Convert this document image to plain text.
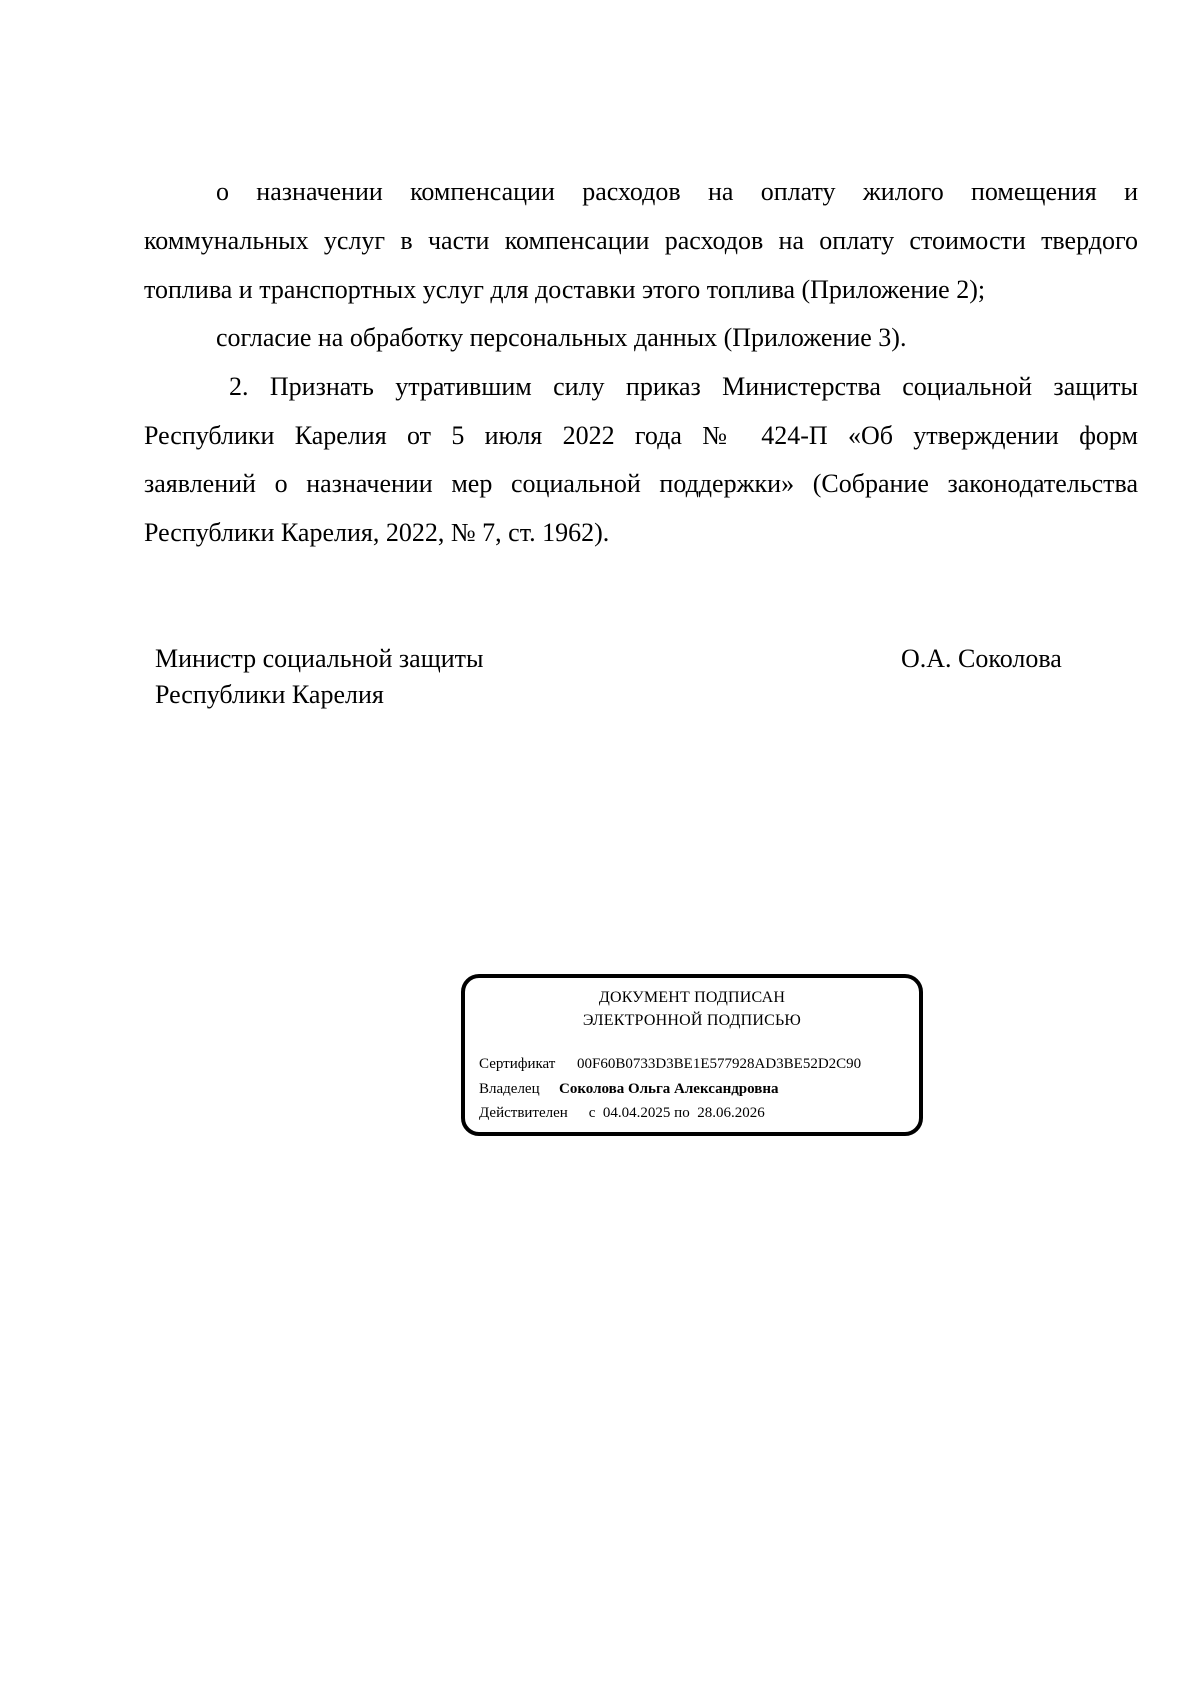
о назначении компенсации расходов на оплату жилого помещения и
коммунальных услуг в части компенсации расходов на оплату стоимости твердого
топлива и транспортных услуг для доставки этого топлива (Приложение 2);
согласие на обработку персональных данных (Приложение 3).
2. Признать утратившим силу приказ Министерства социальной защиты
Республики Карелия от 5 июля 2022 года № 424-П «Об утверждении форм
заявлений о назначении мер социальной поддержки» (Собрание законодательства
Республики Карелия, 2022, № 7, ст. 1962).
Министр социальной защиты
Республики Карелия
О.А. Соколова
ДОКУМЕНТ ПОДПИСАН
ЭЛЕКТРОННОЙ ПОДПИСЬЮ
Сертификат 00F60B0733D3BE1E577928AD3BE52D2C90
Владелец Соколова Ольга Александровна
Действителен с 04.04.2025 по 28.06.2026
